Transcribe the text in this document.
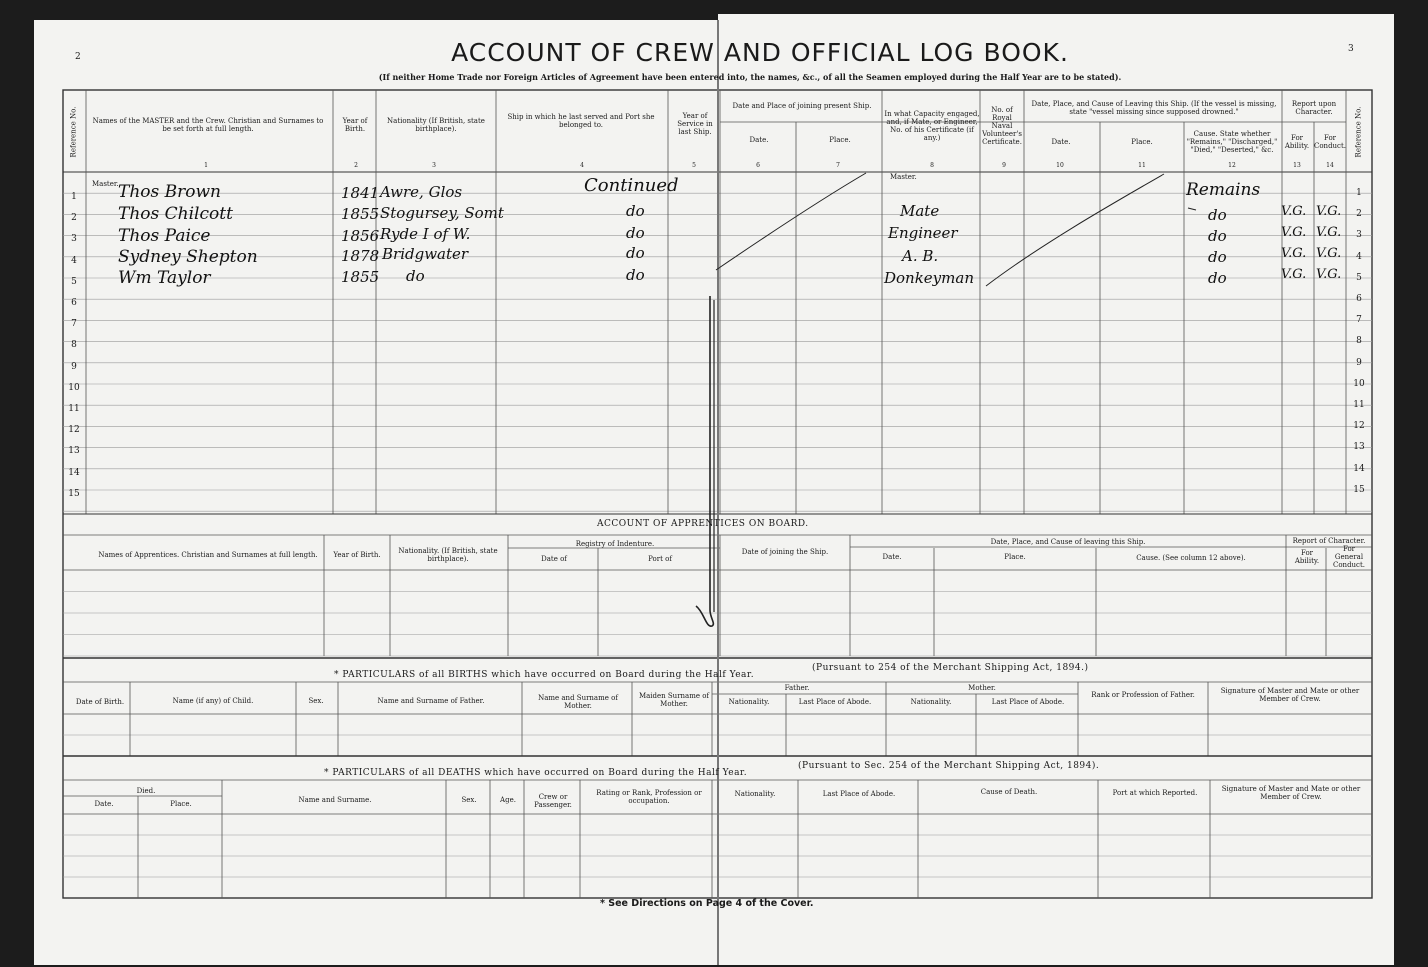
2
3
ACCOUNT OF CREW AND OFFICIAL LOG BOOK.
(If neither Home Trade nor Foreign Articles of Agreement have been entered into, the names, &c., of all the Seamen employed during the Half Year are to be stated).
Reference No.	Names of the MASTER and the Crew. Christian and Surnames to be set forth at full length.
Year of Birth.
Nationality (If British, state birthplace).
Ship in which he last served and Port she belonged to.
Year of Service in last Ship.
Date and Place of joining present Ship.
Date.	Place.
In what Capacity engaged, and, if Mate, or Engineer, No. of his Certificate (if any.)
No. of Royal Naval Volunteer's Certificate.
Date, Place, and Cause of Leaving this Ship. (If the vessel is missing, state "vessel missing since supposed drowned."
Date.	Place.
Cause. State whether "Remains," "Discharged," "Died," "Deserted," &c.
Report upon Character.
For Ability.
For Conduct. Reference No.
1	2	3	4	5	6	7	8	9	10	11	12	13	14
Master.
Master.
1
2
3
4
5
6
7
8
9
10
11
12
13
14
15
1
2
3
4
5
6
7
8
9
10
11
12
13
14
15
Thos Brown	1841 Awre, Glos	Continued	Remains
Thos Chilcott	1855 Stogursey, Somt	do	Mate	do	V.G. V.G.
Thos Paice	1856 Ryde I of W.	do	Engineer	do	V.G. V.G.
Sydney Shepton	1878 Bridgwater	do	A. B.	do	V.G. V.G.
Wm Taylor	1855 do	do	Donkeyman	do	V.G. V.G.
ACCOUNT OF APPRENTICES ON BOARD.
Names of Apprentices. Christian and Surnames at full length.	Year of Birth.	Nationality. (If British, state birthplace).
Registry of Indenture.
Date of	Port of
Date of joining the Ship.
Date, Place, and Cause of leaving this Ship.
Date.	Place.	Cause. (See column 12 above).
Report of Character.
For Ability.
For General Conduct.
* PARTICULARS of all BIRTHS which have occurred on Board during the Half Year.
(Pursuant to 254 of the Merchant Shipping Act, 1894.)
Date of Birth.	Name (if any) of Child.	Sex.	Name and Surname of Father.	Name and Surname of Mother.
Maiden Surname of Mother.
Father.	Mother.
Nationality.	Last Place of Abode.	Nationality.	Last Place of Abode.
Rank or Profession of Father.	Signature of Master and Mate or other Member of Crew.
* PARTICULARS of all DEATHS which have occurred on Board during the Half Year.
(Pursuant to Sec. 254 of the Merchant Shipping Act, 1894).
Died.
Date.	Place.	Name and Surname.	Sex.	Age.	Crew or Passenger.
Rating or Rank, Profession or occupation.
Nationality.	Last Place of Abode.	Cause of Death.	Port at which Reported.	Signature of Master and Mate or other Member of Crew.
* See Directions on Page 4 of the Cover.
